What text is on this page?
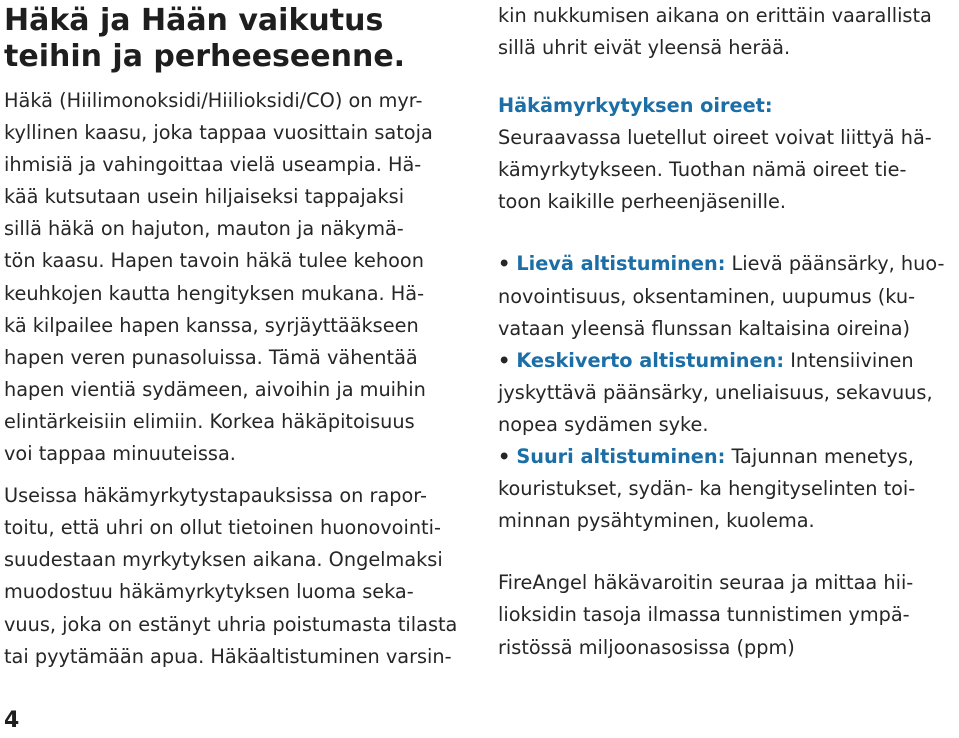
Häkä ja Hään vaikutus
teihin ja perheeseenne.
Häkä (Hiilimonoksidi/Hiilioksidi/CO) on myr-
kyllinen kaasu, joka tappaa vuosittain satoja
ihmisiä ja vahingoittaa vielä useampia. Hä-
kää kutsutaan usein hiljaiseksi tappajaksi
sillä häkä on hajuton, mauton ja näkymä-
tön kaasu. Hapen tavoin häkä tulee kehoon
keuhkojen kautta hengityksen mukana. Hä-
kä kilpailee hapen kanssa, syrjäyttääkseen
hapen veren punasoluissa. Tämä vähentää
hapen vientiä sydämeen, aivoihin ja muihin
elintärkeisiin elimiin. Korkea häkäpitoisuus
voi tappaa minuuteissa.
Useissa häkämyrkytystapauksissa on rapor-
toitu, että uhri on ollut tietoinen huonovointi-
suudestaan myrkytyksen aikana. Ongelmaksi
muodostuu häkämyrkytyksen luoma seka-
vuus, joka on estänyt uhria poistumasta tilasta
tai pyytämään apua. Häkäaltistuminen varsin-
kin nukkumisen aikana on erittäin vaarallista
sillä uhrit eivät yleensä herää.
Häkämyrkytyksen oireet:
Seuraavassa luetellut oireet voivat liittyä hä-
kämyrkytykseen. Tuothan nämä oireet tie-
toon kaikille perheenjäsenille.
• Lievä altistuminen: Lievä päänsärky, huo-
novointisuus, oksentaminen, uupumus (ku-
vataan yleensä flunssan kaltaisina oireina)
• Keskiverto altistuminen: Intensiivinen
jyskyttävä päänsärky, uneliaisuus, sekavuus,
nopea sydämen syke.
• Suuri altistuminen: Tajunnan menetys,
kouristukset, sydän- ka hengityselinten toi-
minnan pysähtyminen, kuolema.
FireAngel häkävaroitin seuraa ja mittaa hii-
lioksidin tasoja ilmassa tunnistimen ympä-
ristössä miljoonasosissa (ppm)
4
